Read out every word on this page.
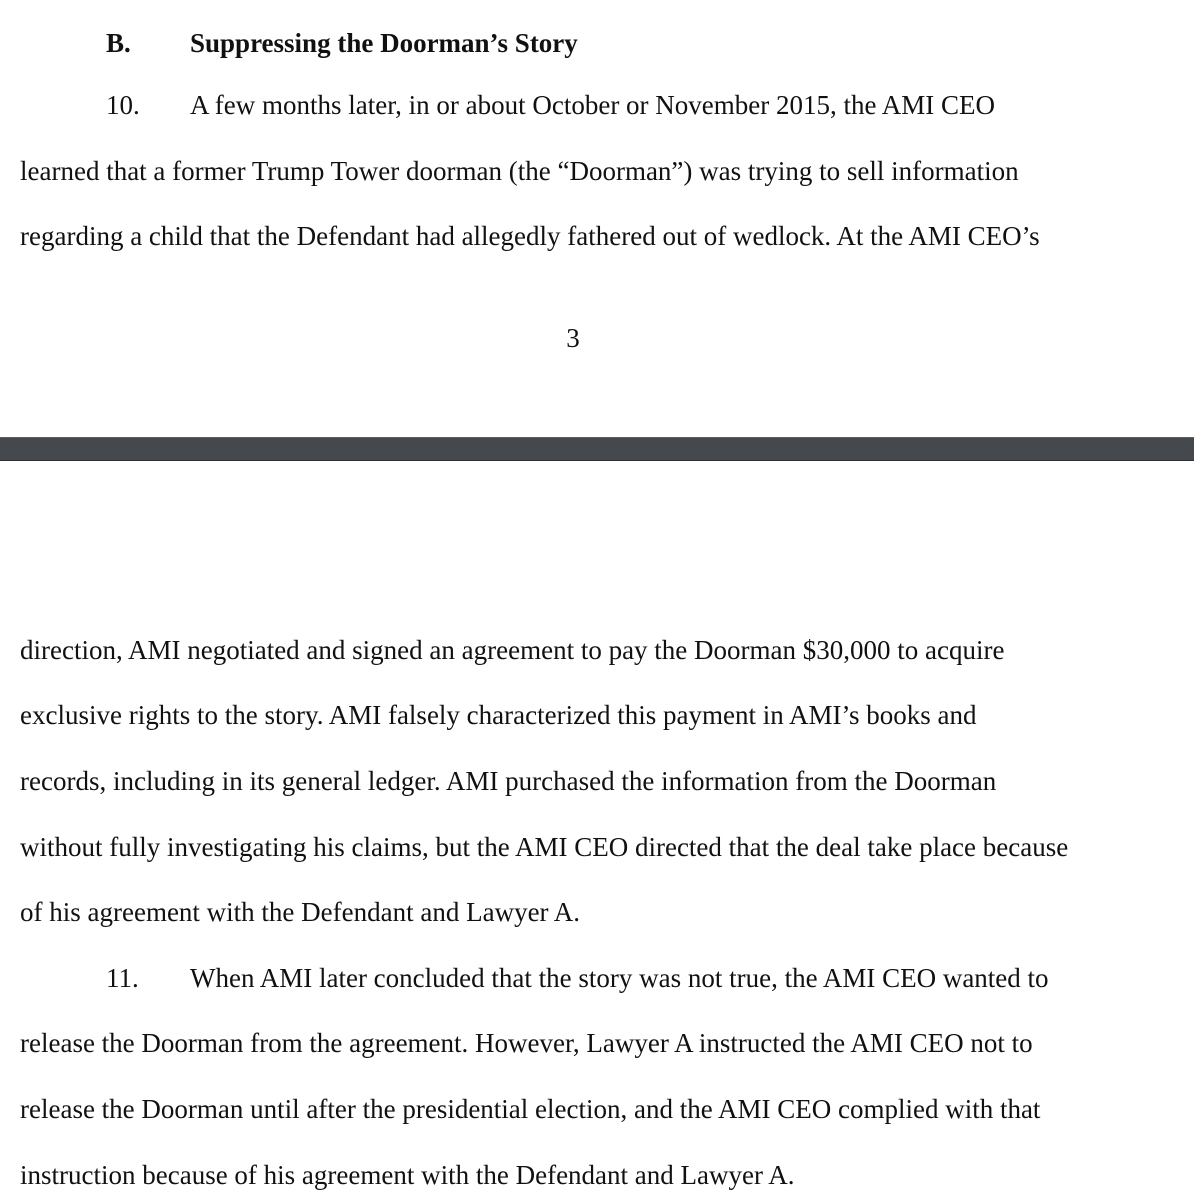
B. Suppressing the Doorman’s Story
10. A few months later, in or about October or November 2015, the AMI CEO

learned that a former Trump Tower doorman (the “Doorman”) was trying to sell information

regarding a child that the Defendant had allegedly fathered out of wedlock. At the AMI CEO’s

3

direction, AMI negotiated and signed an agreement to pay the Doorman $30,000 to acquire

exclusive rights to the story. AMI falsely characterized this payment in AMI’s books and

records, including in its general ledger. AMI purchased the information from the Doorman

without fully investigating his claims, but the AMI CEO directed that the deal take place because

of his agreement with the Defendant and Lawyer A.

11. When AMI later concluded that the story was not true, the AMI CEO wanted to

release the Doorman from the agreement. However, Lawyer A instructed the AMI CEO not to

release the Doorman until after the presidential election, and the AMI CEO complied with that

instruction because of his agreement with the Defendant and Lawyer A.
